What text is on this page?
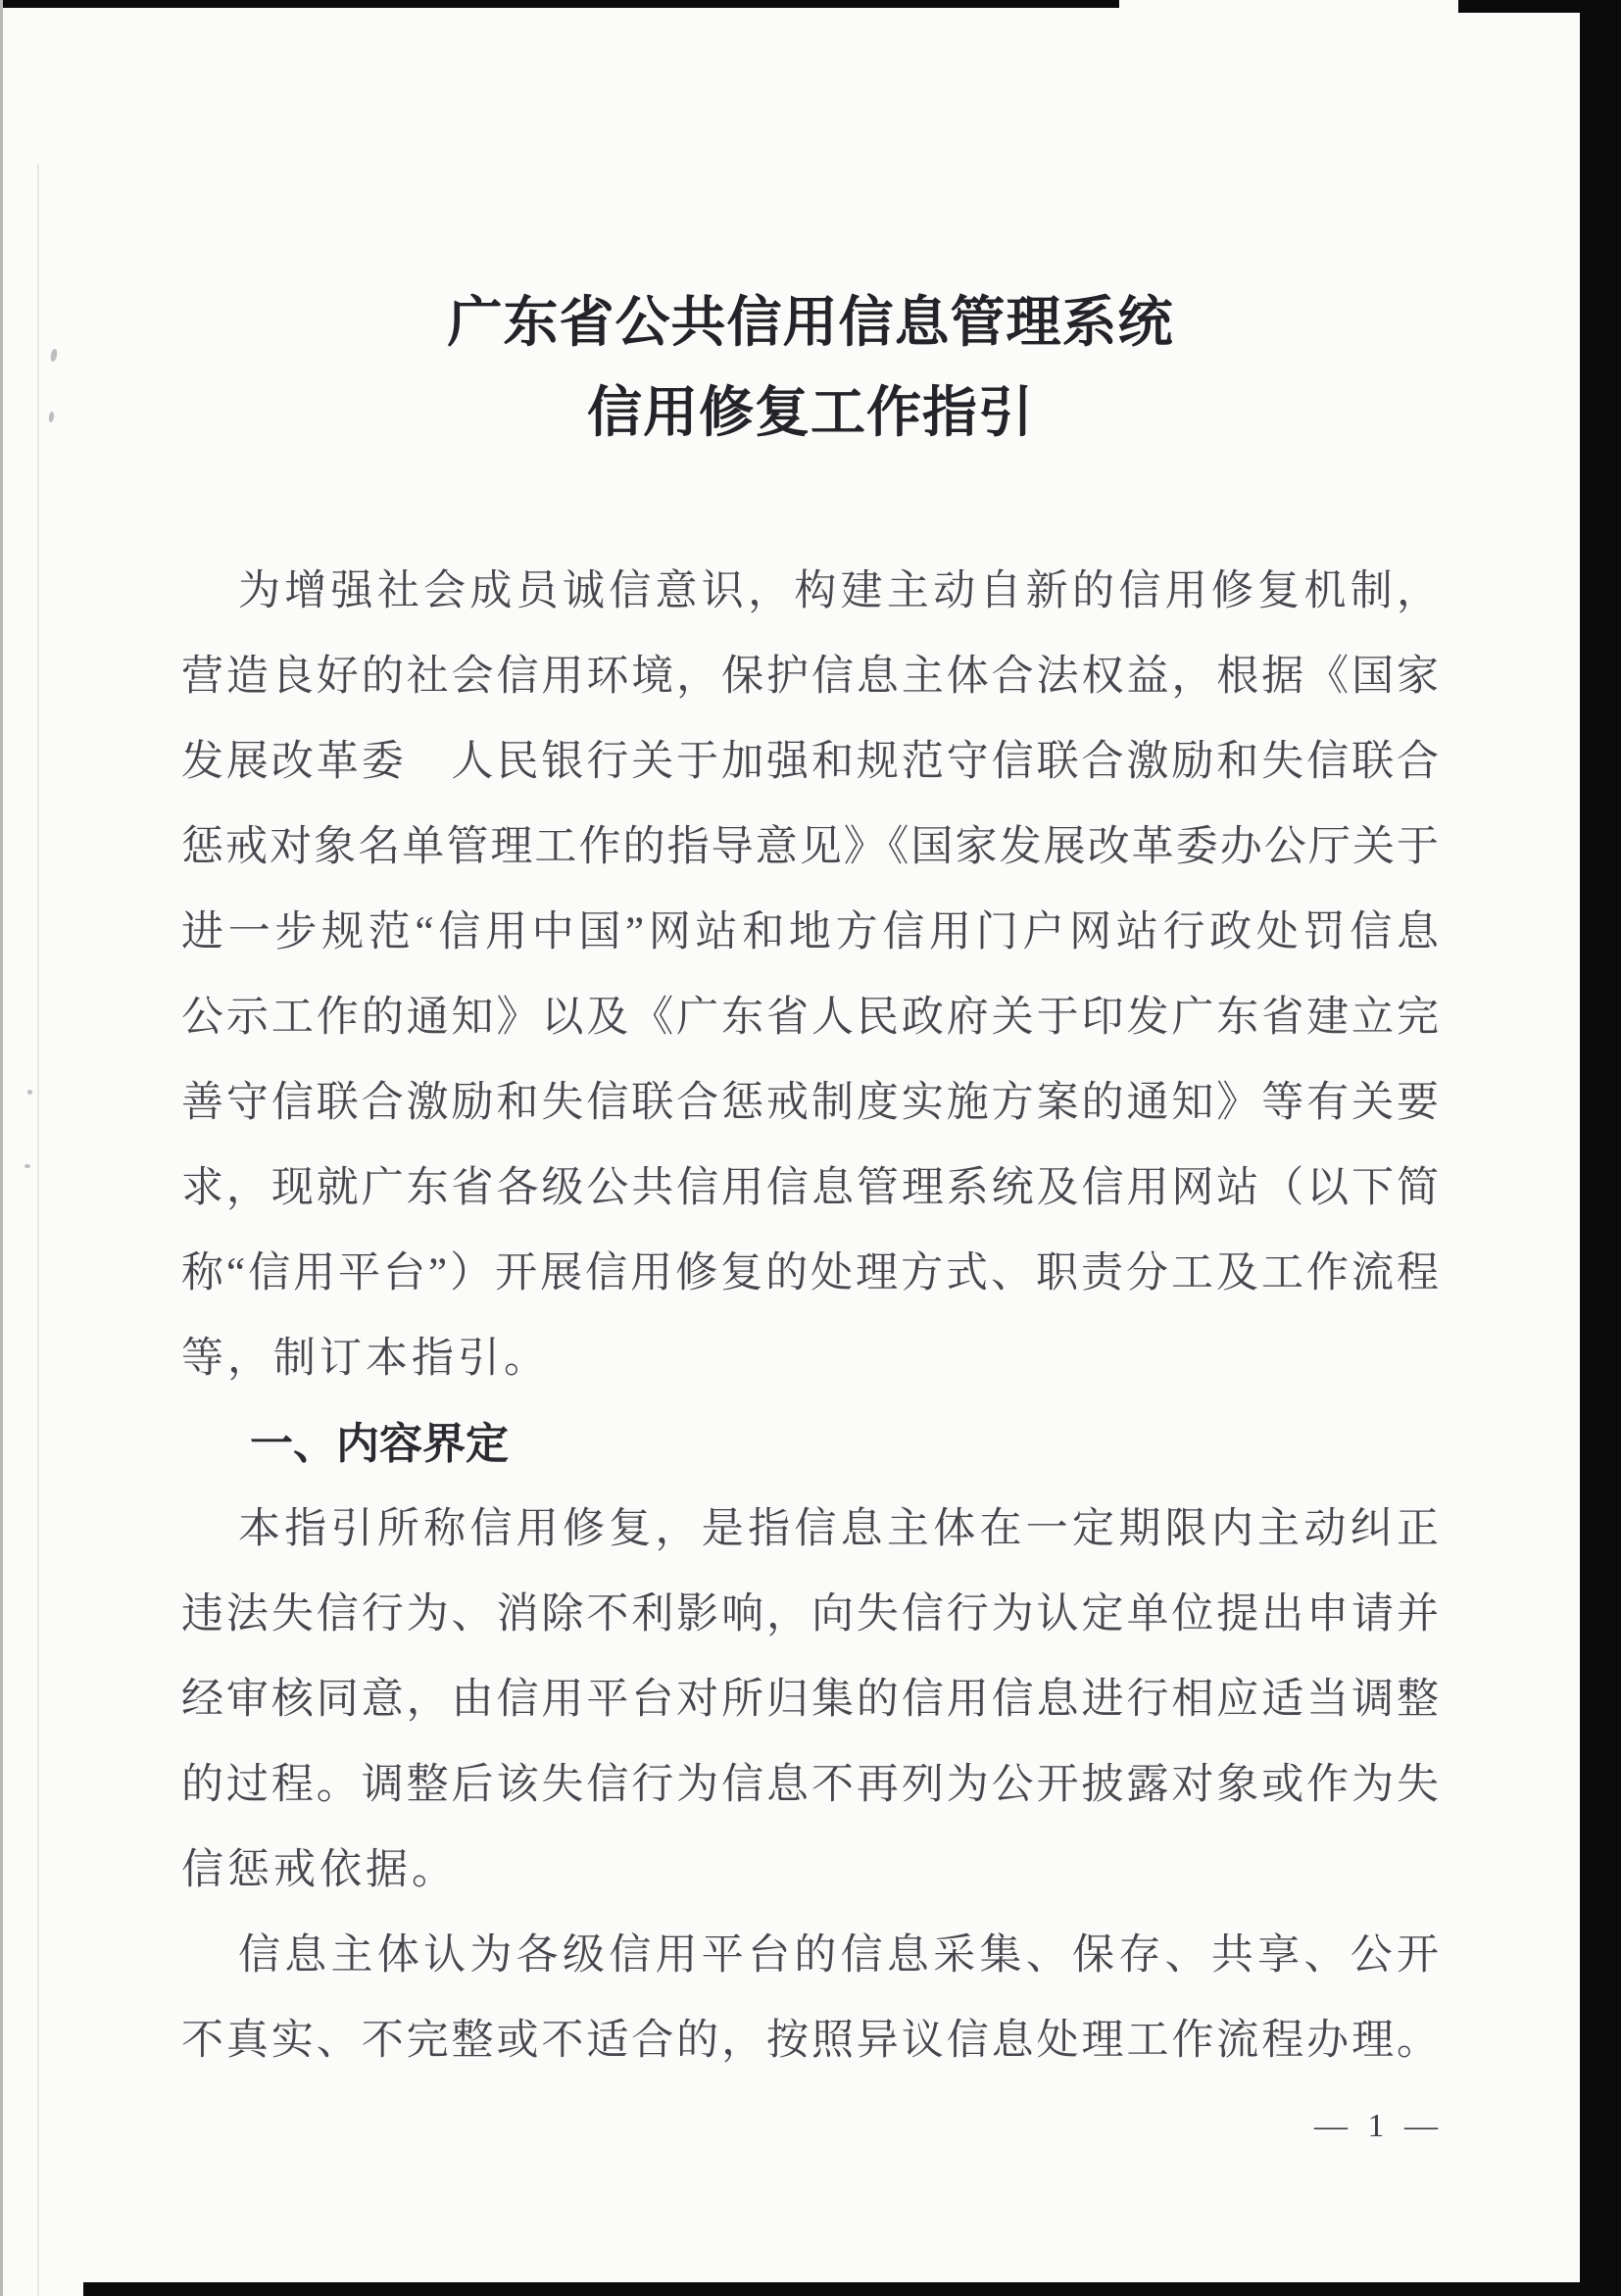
广东省公共信用信息管理系统
信用修复工作指引
为增强社会成员诚信意识，构建主动自新的信用修复机制，
营造良好的社会信用环境，保护信息主体合法权益，根据《国家
发展改革委　人民银行关于加强和规范守信联合激励和失信联合
惩戒对象名单管理工作的指导意见》《国家发展改革委办公厅关于
进一步规范“信用中国”网站和地方信用门户网站行政处罚信息
公示工作的通知》以及《广东省人民政府关于印发广东省建立完
善守信联合激励和失信联合惩戒制度实施方案的通知》等有关要
求，现就广东省各级公共信用信息管理系统及信用网站（以下简
称“信用平台”）开展信用修复的处理方式、职责分工及工作流程
等，制订本指引。
一、内容界定
本指引所称信用修复，是指信息主体在一定期限内主动纠正
违法失信行为、消除不利影响，向失信行为认定单位提出申请并
经审核同意，由信用平台对所归集的信用信息进行相应适当调整
的过程。调整后该失信行为信息不再列为公开披露对象或作为失
信惩戒依据。
信息主体认为各级信用平台的信息采集、保存、共享、公开
不真实、不完整或不适合的，按照异议信息处理工作流程办理。
— 1 —
